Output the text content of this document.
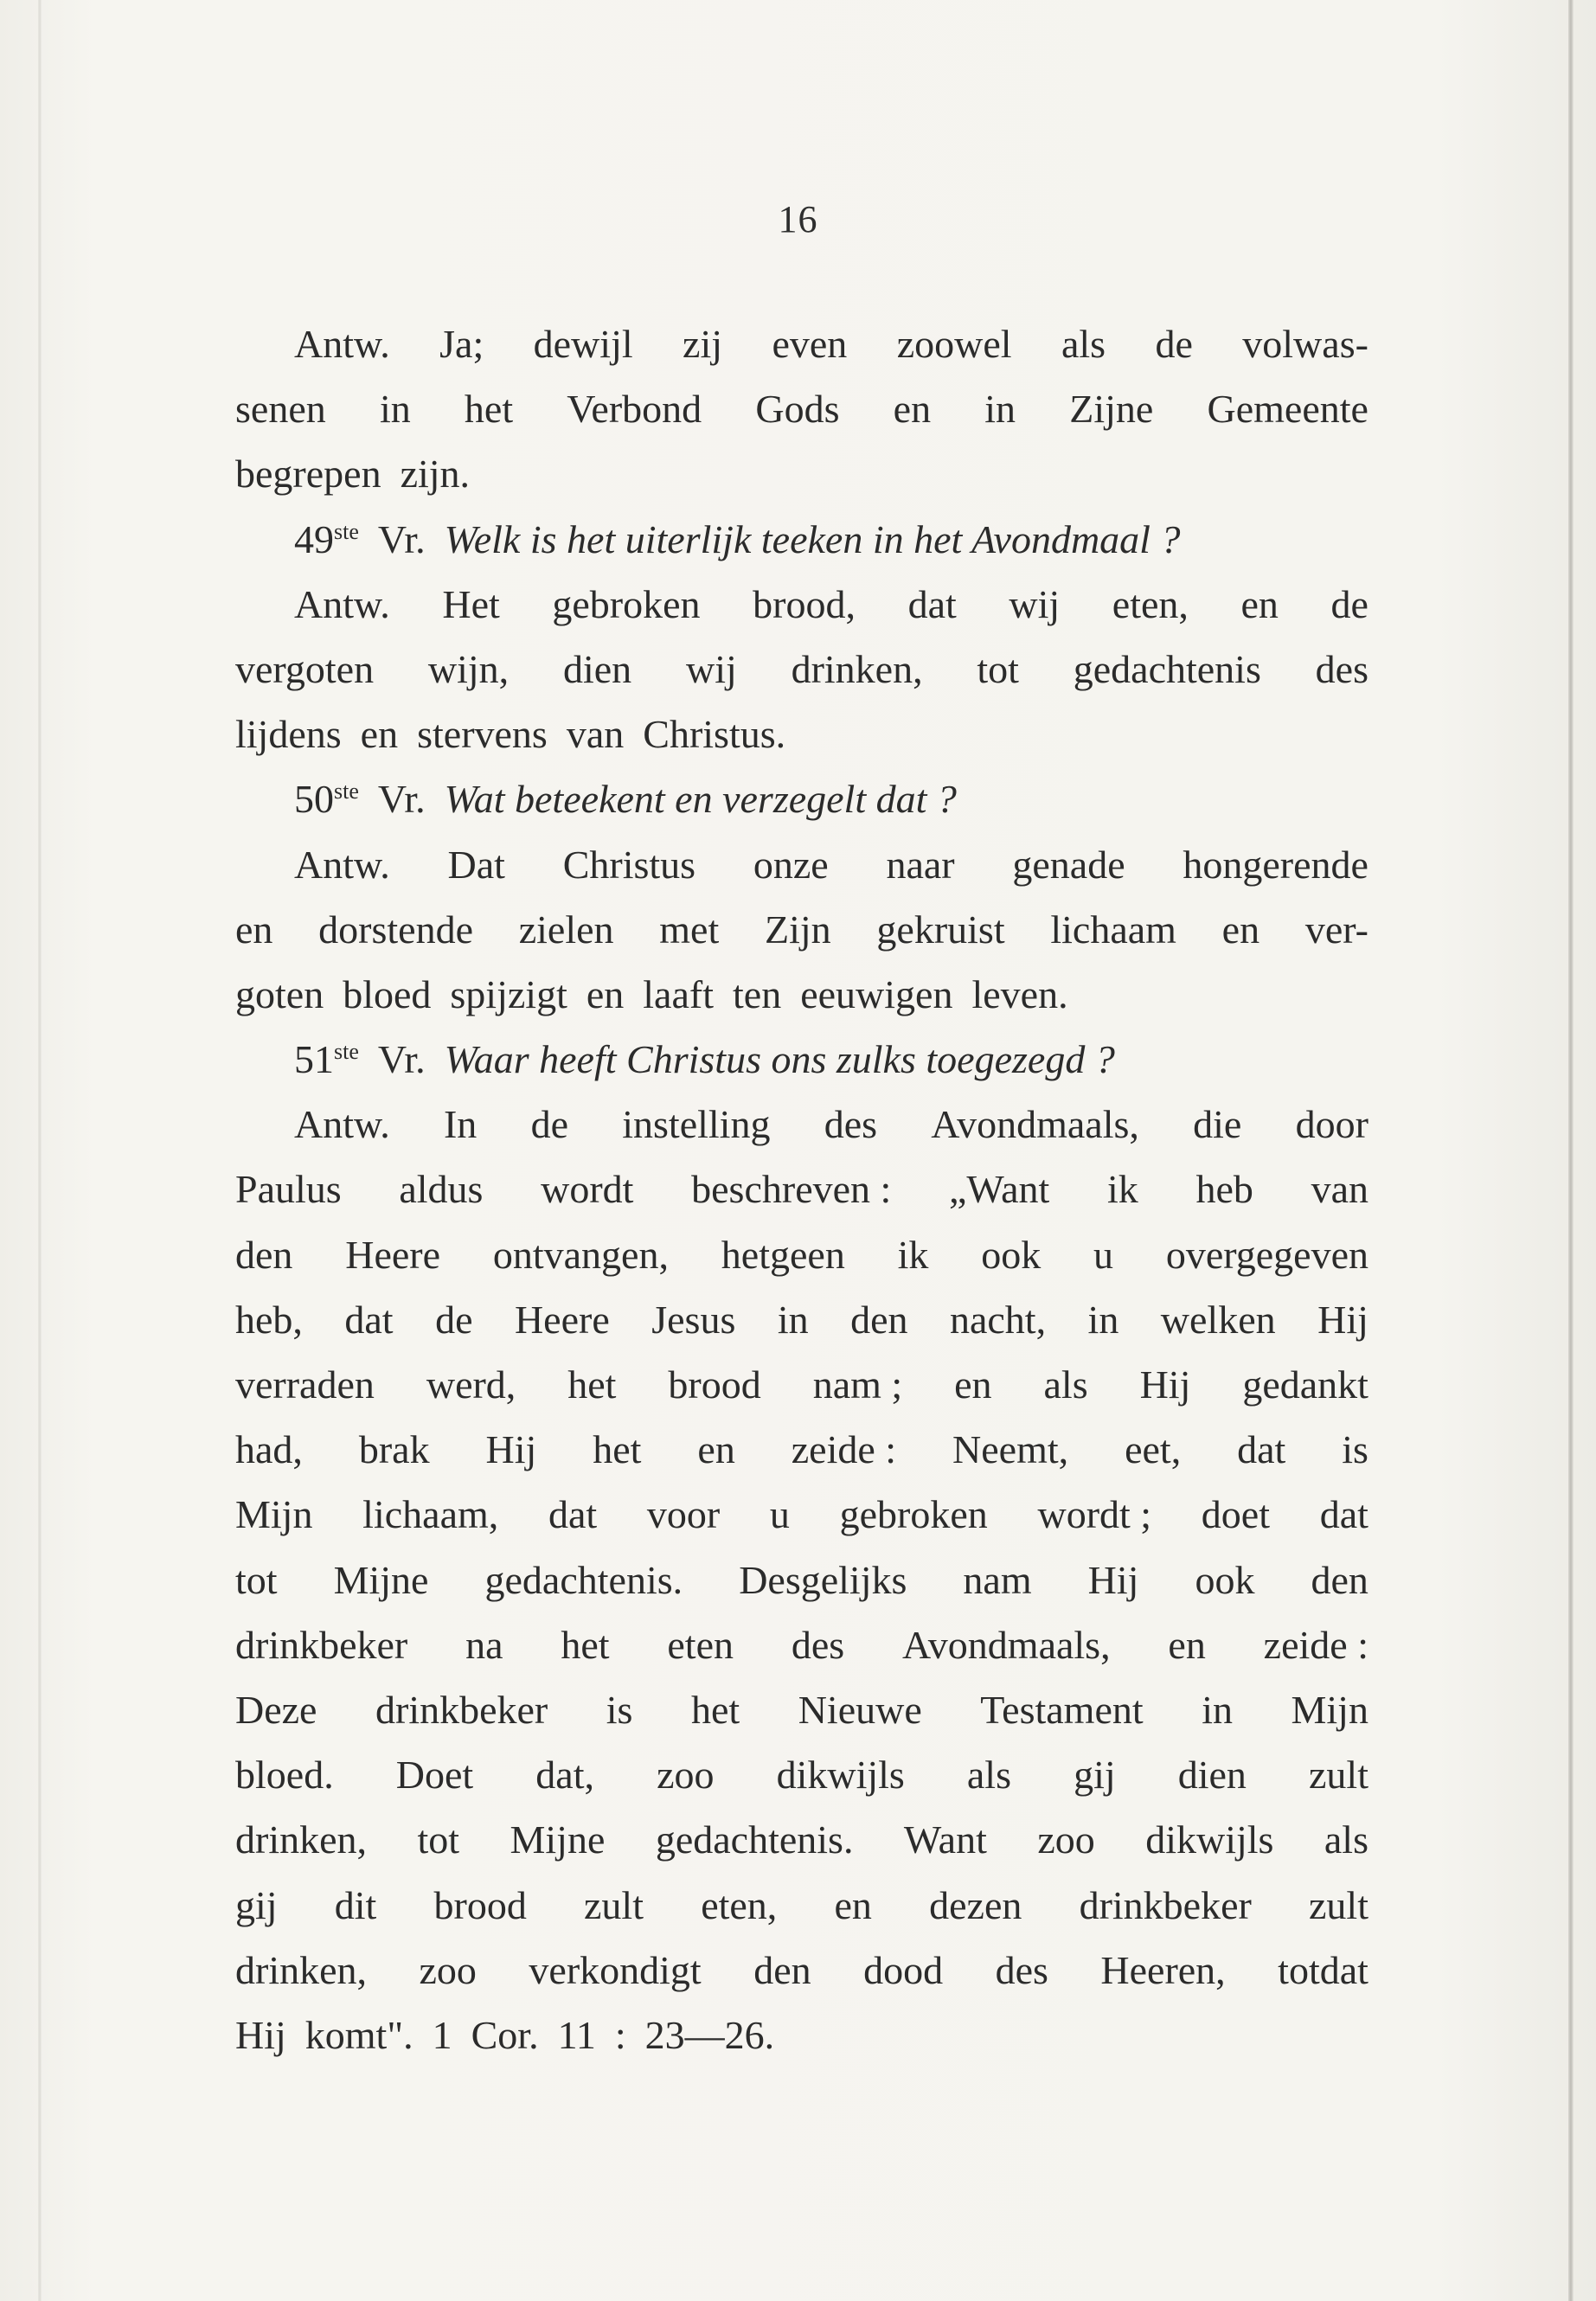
16
Antw. Ja; dewijl zij even zoowel als de volwas-
senen in het Verbond Gods en in Zijne Gemeente
begrepen zijn.
49ste Vr. Welk is het uiterlijk teeken in het Avondmaal ?
Antw. Het gebroken brood, dat wij eten, en de
vergoten wijn, dien wij drinken, tot gedachtenis des
lijdens en stervens van Christus.
50ste Vr. Wat beteekent en verzegelt dat ?
Antw. Dat Christus onze naar genade hongerende
en dorstende zielen met Zijn gekruist lichaam en ver-
goten bloed spijzigt en laaft ten eeuwigen leven.
51ste Vr. Waar heeft Christus ons zulks toegezegd ?
Antw. In de instelling des Avondmaals, die door
Paulus aldus wordt beschreven : „Want ik heb van
den Heere ontvangen, hetgeen ik ook u overgegeven
heb, dat de Heere Jesus in den nacht, in welken Hij
verraden werd, het brood nam ; en als Hij gedankt
had, brak Hij het en zeide : Neemt, eet, dat is
Mijn lichaam, dat voor u gebroken wordt ; doet dat
tot Mijne gedachtenis. Desgelijks nam Hij ook den
drinkbeker na het eten des Avondmaals, en zeide :
Deze drinkbeker is het Nieuwe Testament in Mijn
bloed. Doet dat, zoo dikwijls als gij dien zult
drinken, tot Mijne gedachtenis. Want zoo dikwijls als
gij dit brood zult eten, en dezen drinkbeker zult
drinken, zoo verkondigt den dood des Heeren, totdat
Hij komt". 1 Cor. 11 : 23—26.
